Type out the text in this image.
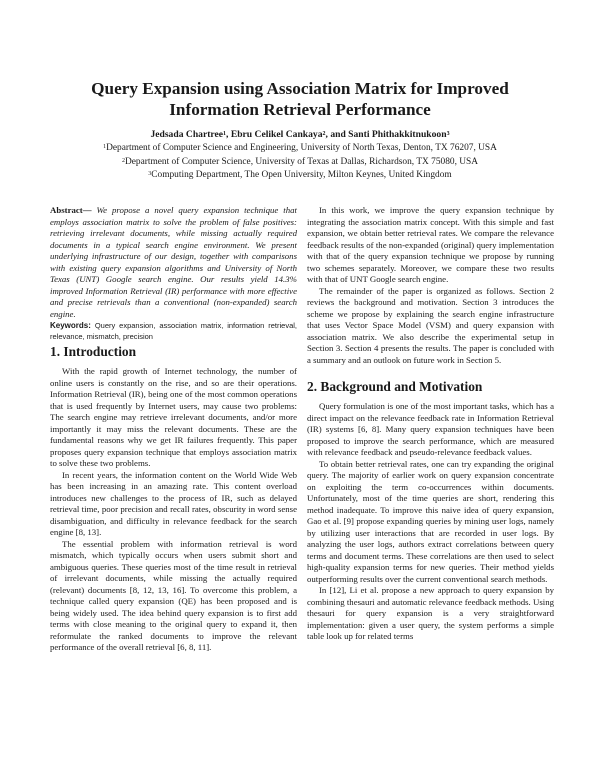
Query Expansion using Association Matrix for Improved Information Retrieval Performance
Jedsada Chartree$^1$, Ebru Celikel Cankaya$^2$, and Santi Phithakkitnukoon$^3$
$^1$Department of Computer Science and Engineering, University of North Texas, Denton, TX 76207, USA
$^2$Department of Computer Science, University of Texas at Dallas, Richardson, TX 75080, USA
$^3$Computing Department, The Open University, Milton Keynes, United Kingdom

Abstract— We propose a novel query expansion technique that employs association matrix to solve the problem of false positives: retrieving irrelevant documents, while missing actually required documents in a typical search engine environment. We present underlying infrastructure of our design, together with comparisons with existing query expansion algorithms and University of North Texas (UNT) Google search engine. Our results yield 14.3% improved Information Retrieval (IR) performance with more effective and precise retrievals than a conventional (non-expanded) search engine.

Keywords: Query expansion, association matrix, information retrieval, relevance, mismatch, precision

1. Introduction

With the rapid growth of Internet technology, the number of online users is constantly on the rise, and so are their operations. Information Retrieval (IR), being one of the most common operations that is used frequently by Internet users, may cause two problems: The search engine may retrieve irrelevant documents, and/or more importantly it may miss the relevant documents. These are the fundamental reasons why we get IR failures frequently. This paper proposes query expansion technique that employs association matrix to solve these two problems.

In recent years, the information content on the World Wide Web has been increasing in an amazing rate. This content overload introduces new challenges to the process of IR, such as delayed retrieval time, poor precision and recall rates, obscurity in word sense disambiguation, and difficulty in relevance feedback for the search engine [8, 13].

The essential problem with information retrieval is word mismatch, which typically occurs when users submit short and ambiguous queries. These queries most of the time result in retrieval of irrelevant documents, while missing the actually required (relevant) documents [8, 12, 13, 16]. To overcome this problem, a technique called query expansion (QE) has been proposed and is being widely used. The idea behind query expansion is to first add terms with close meaning to the original query to expand it, then reformulate the ranked documents to improve the relevant performance of the overall retrieval [6, 8, 11].

In this work, we improve the query expansion technique by integrating the association matrix concept. With this simple and fast expansion, we obtain better retrieval rates. We compare the relevance feedback results of the non-expanded (original) query implementation with that of the query expansion technique we propose by running two schemes separately. Moreover, we compare these two results with that of UNT Google search engine.

The remainder of the paper is organized as follows. Section 2 reviews the background and motivation. Section 3 introduces the scheme we propose by explaining the search engine infrastructure that uses Vector Space Model (VSM) and query expansion with association matrix. We also describe the experimental setup in Section 3. Section 4 presents the results. The paper is concluded with a summary and an outlook on future work in Section 5.

2. Background and Motivation

Query formulation is one of the most important tasks, which has a direct impact on the relevance feedback rate in Information Retrieval (IR) systems [6, 8]. Many query expansion techniques have been proposed to improve the search performance, which are measured with relevance feedback and pseudo-relevance feedback values.

To obtain better retrieval rates, one can try expanding the original query. The majority of earlier work on query expansion concentrate on exploiting the term co-occurrences within documents. Unfortunately, most of the time queries are short, rendering this method inadequate. To improve this naive idea of query expansion, Gao et al. [9] propose expanding queries by mining user logs, namely by utilizing user interactions that are recorded in user logs. By analyzing the user logs, authors extract correlations between query terms and document terms. These correlations are then used to select high-quality expansion terms for new queries. Their method yields outperforming results over the current conventional search methods.

In [12], Li et al. propose a new approach to query expansion by combining thesauri and automatic relevance feedback methods. Using thesauri for query expansion is a very straightforward implementation: given a user query, the system performs a simple table look up for related terms
